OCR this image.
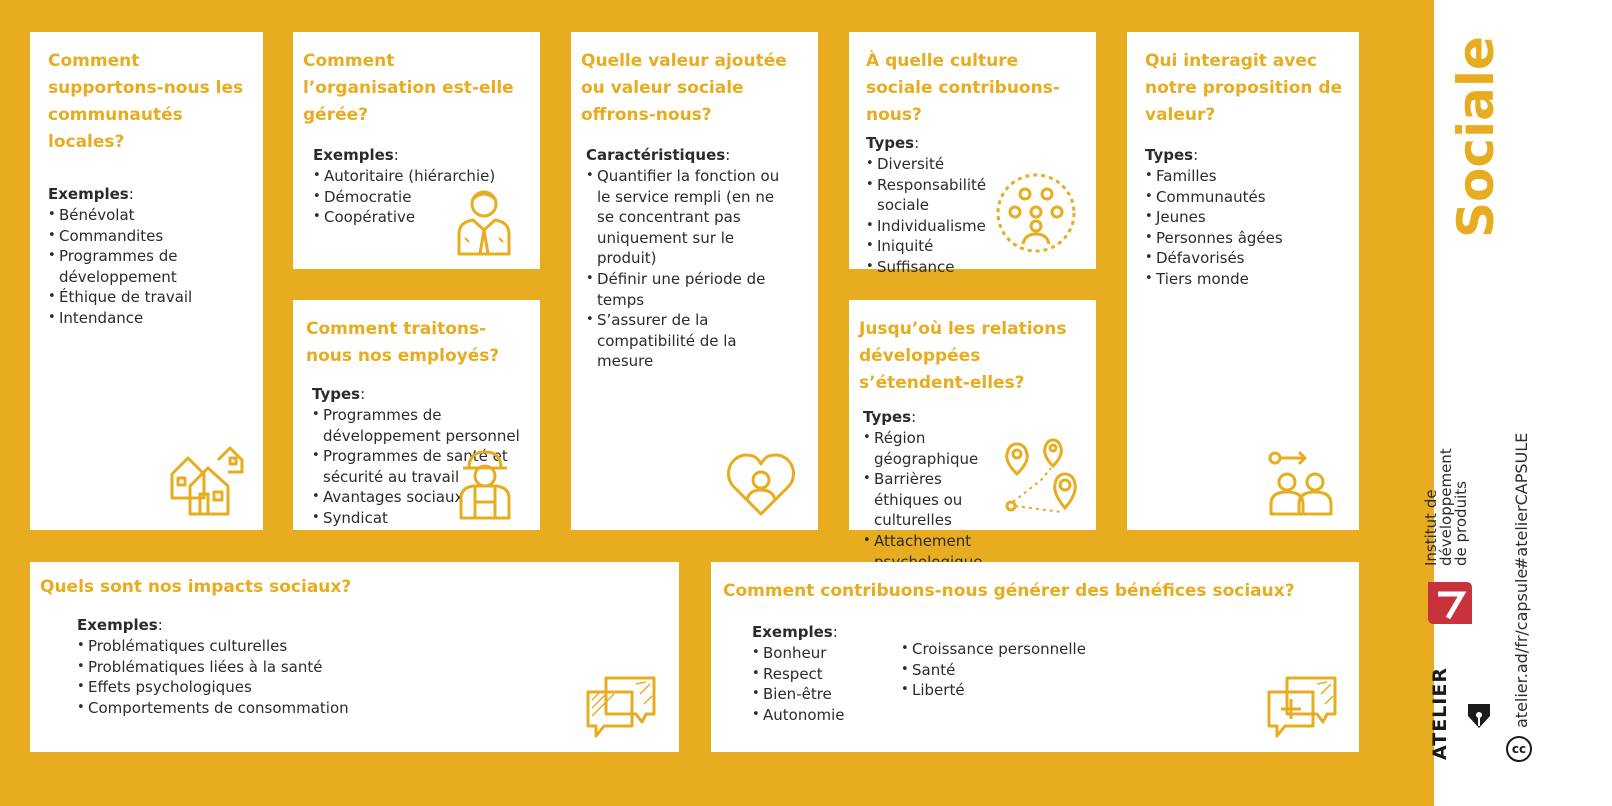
Comment supportons-nous les communautés locales?

Exemples:

• Bénévolat
• Commandites
• Programmes de développement
• Éthique de travail
• Intendance
Comment l’organisation est-elle gérée?

Exemples:

• Autoritaire (hiérarchie)
• Démocratie
• Coopérative
Comment traitons-nous nos employés?

Types:

• Programmes de développement personnel
• Programmes de santé et sécurité au travail
• Avantages sociaux
• Syndicat
Quelle valeur ajoutée ou valeur sociale offrons-nous?

Caractéristiques:

• Quantifier la fonction ou le service rempli (en ne se concentrant pas uniquement sur le produit)
• Définir une période de temps
• S’assurer de la compatibilité de la mesure
À quelle culture sociale contribuons-nous?

Types:

• Diversité
• Responsabilité sociale
• Individualisme
• Iniquité
• Suffisance
Jusqu’où les relations développées s’étendent-elles?

Types:

• Région géographique
• Barrières éthiques ou culturelles
• Attachement
Qui interagit avec notre proposition de valeur?

Types:

• Familles
• Communautés
• Jeunes
• Personnes âgées
• Défavorisés
• Tiers monde
Quels sont nos impacts sociaux?

Exemples:

• Problématiques culturelles
• Problématiques liées à la santé
• Effets psychologiques
• Comportements de consommation
Comment contribuons-nous générer des bénéfices sociaux?

Exemples:

• Bonheur
• Respect
• Bien-être
• Autonomie
• Croissance personnelle
• Santé
• Liberté
Sociale
#atelierCAPSULE
atelier.ad/fr/capsule
Institut de
développement
de produits
ATELIER	cc
